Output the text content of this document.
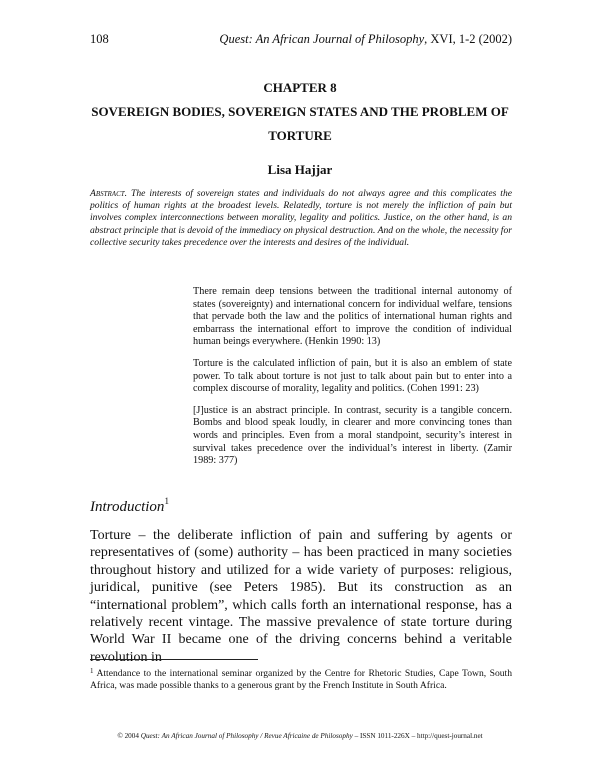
108	Quest: An African Journal of Philosophy, XVI, 1-2 (2002)
CHAPTER 8
SOVEREIGN BODIES, SOVEREIGN STATES AND THE PROBLEM OF TORTURE
Lisa Hajjar
Abstract. The interests of sovereign states and individuals do not always agree and this complicates the politics of human rights at the broadest levels. Relatedly, torture is not merely the infliction of pain but involves complex interconnections between morality, legality and politics. Justice, on the other hand, is an abstract principle that is devoid of the immediacy on physical destruction. And on the whole, the necessity for collective security takes precedence over the interests and desires of the individual.

There remain deep tensions between the traditional internal autonomy of states (sovereignty) and international concern for individual welfare, tensions that pervade both the law and the politics of international human rights and embarrass the international effort to improve the condition of individual human beings everywhere. (Henkin 1990: 13)

Torture is the calculated infliction of pain, but it is also an emblem of state power. To talk about torture is not just to talk about pain but to enter into a complex discourse of morality, legality and politics. (Cohen 1991: 23)

[J]ustice is an abstract principle. In contrast, security is a tangible concern. Bombs and blood speak loudly, in clearer and more convincing tones than words and principles. Even from a moral standpoint, security’s interest in survival takes precedence over the individual’s interest in liberty. (Zamir 1989: 377)

Introduction$^1$
Torture – the deliberate infliction of pain and suffering by agents or representatives of (some) authority – has been practiced in many societies throughout history and utilized for a wide variety of purposes: religious, juridical, punitive (see Peters 1985). But its construction as an “international problem”, which calls forth an international response, has a relatively recent vintage. The massive prevalence of state torture during World War II became one of the driving concerns behind a veritable revolution in
$^1$ Attendance to the international seminar organized by the Centre for Rhetoric Studies, Cape Town, South Africa, was made possible thanks to a generous grant by the French Institute in South Africa.
© 2004 Quest: An African Journal of Philosophy / Revue Africaine de Philosophy – ISSN 1011-226X – http://quest-journal.net
